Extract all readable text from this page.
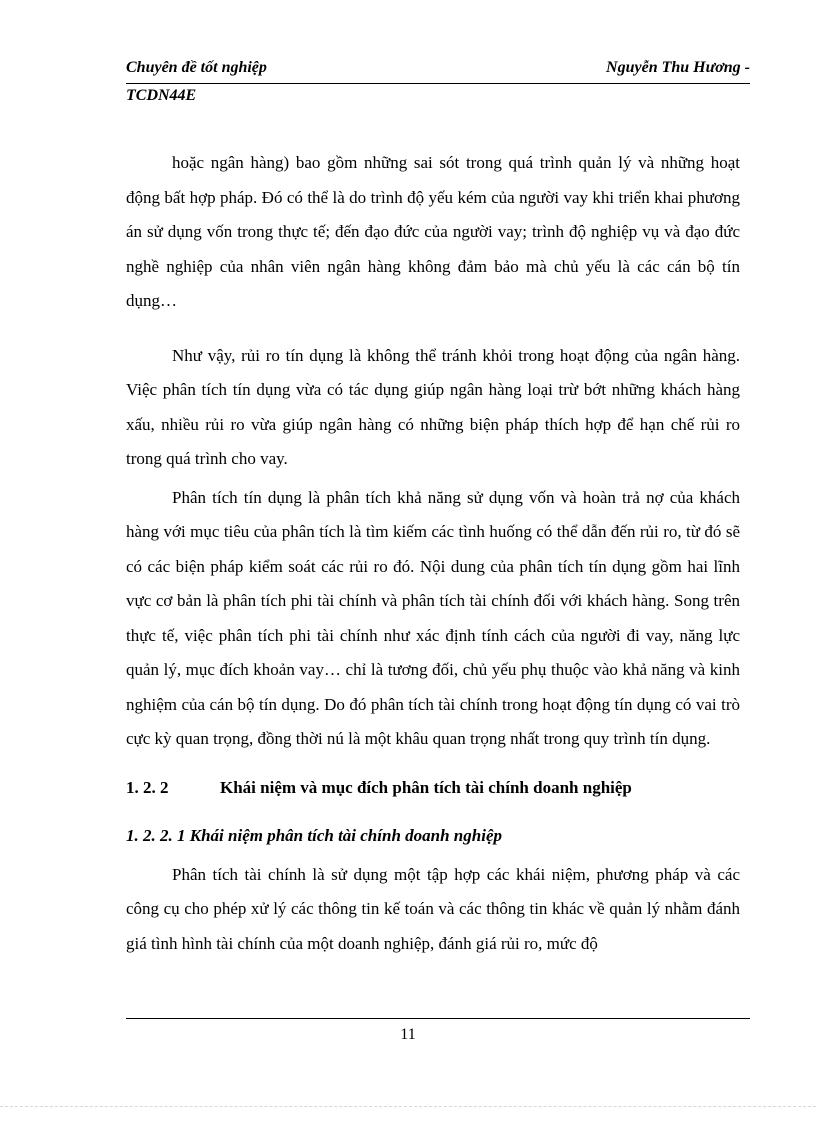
Chuyên đề tốt nghiệp	Nguyễn Thu Hương -
TCDN44E

hoặc ngân hàng) bao gồm những sai sót trong quá trình quản lý và những hoạt động bất hợp pháp. Đó có thể là do trình độ yếu kém của người vay khi triển khai phương án sử dụng vốn trong thực tế; đến đạo đức của người vay; trình độ nghiệp vụ và đạo đức nghề nghiệp của nhân viên ngân hàng không đảm bảo mà chủ yếu là các cán bộ tín dụng…

Như vậy, rủi ro tín dụng là không thể tránh khỏi trong hoạt động của ngân hàng. Việc phân tích tín dụng vừa có tác dụng giúp ngân hàng loại trừ bớt những khách hàng xấu, nhiều rủi ro vừa giúp ngân hàng có những biện pháp thích hợp để hạn chế rủi ro trong quá trình cho vay.

Phân tích tín dụng là phân tích khả năng sử dụng vốn và hoàn trả nợ của khách hàng với mục tiêu của phân tích là tìm kiếm các tình huống có thể dẫn đến rủi ro, từ đó sẽ có các biện pháp kiểm soát các rủi ro đó. Nội dung của phân tích tín dụng gồm hai lĩnh vực cơ bản là phân tích phi tài chính và phân tích tài chính đối với khách hàng. Song trên thực tế, việc phân tích phi tài chính như xác định tính cách của người đi vay, năng lực quản lý, mục đích khoản vay… chỉ là tương đối, chủ yếu phụ thuộc vào khả năng và kinh nghiệm của cán bộ tín dụng. Do đó phân tích tài chính trong hoạt động tín dụng có vai trò cực kỳ quan trọng, đồng thời nú là một khâu quan trọng nhất trong quy trình tín dụng.

1. 2. 2	Khái niệm và mục đích phân tích tài chính doanh nghiệp
1. 2. 2. 1 Khái niệm phân tích tài chính doanh nghiệp

Phân tích tài chính là sử dụng một tập hợp các khái niệm, phương pháp và các công cụ cho phép xử lý các thông tin kế toán và các thông tin khác về quản lý nhằm đánh giá tình hình tài chính của một doanh nghiệp, đánh giá rủi ro, mức độ

11
